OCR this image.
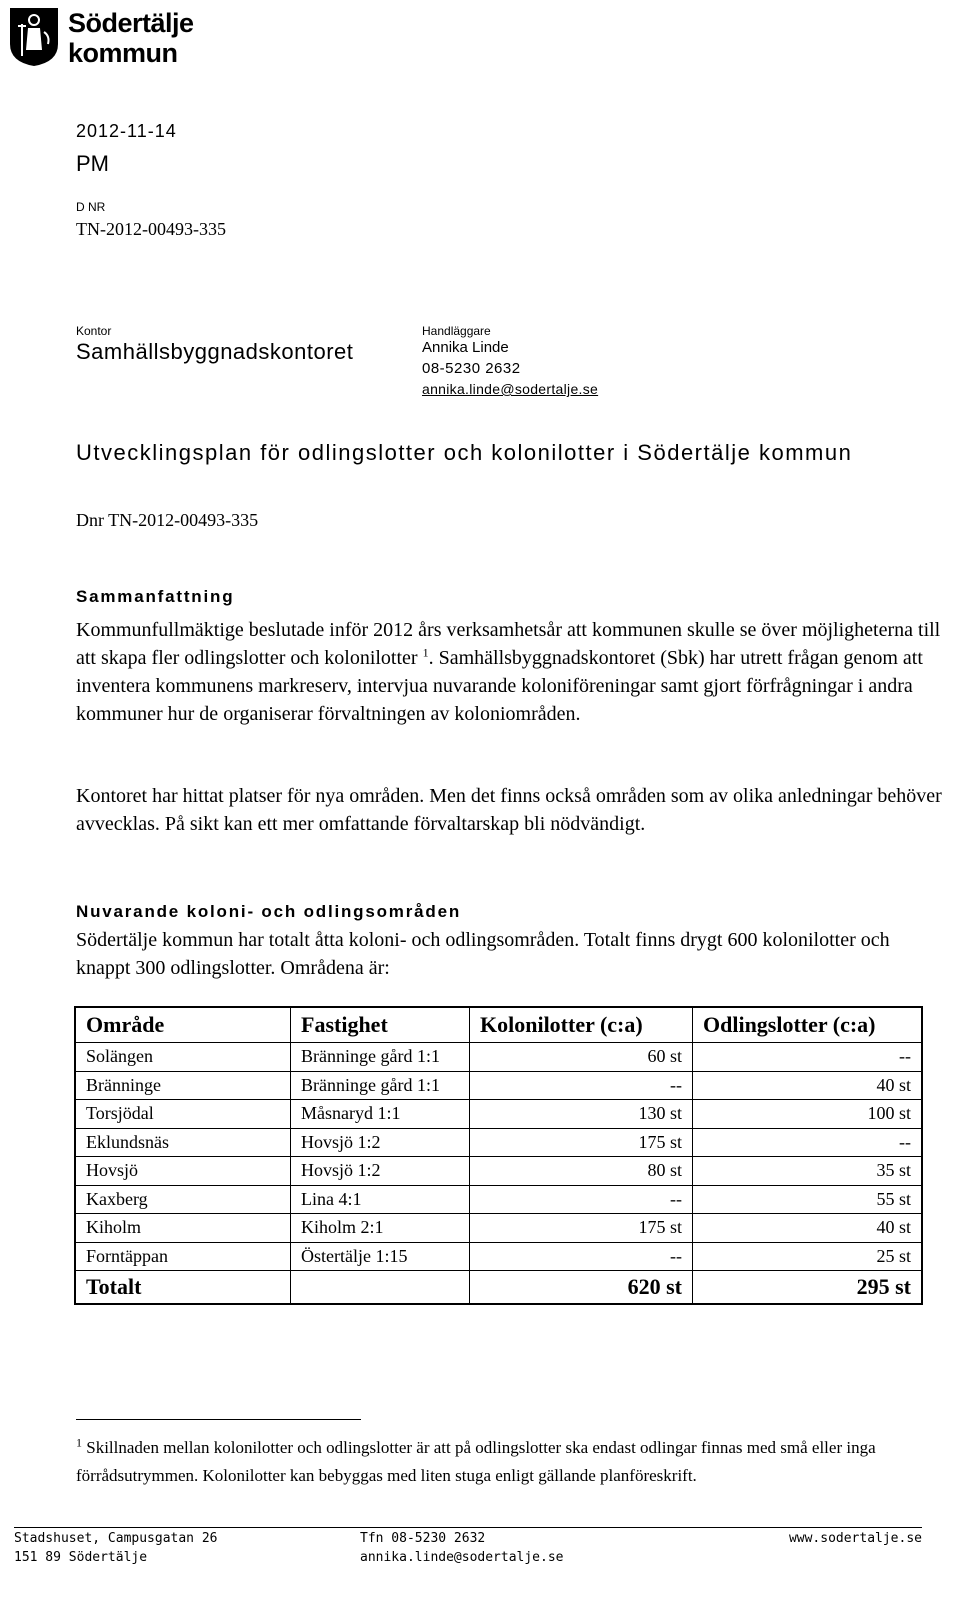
Södertälje
kommun
2012-11-14
PM
D NR
TN-2012-00493-335
Kontor
Samhällsbyggnadskontoret
Handläggare
Annika Linde
08-5230 2632
annika.linde@sodertalje.se
Utvecklingsplan för odlingslotter och kolonilotter i Södertälje kommun
Dnr TN-2012-00493-335
Sammanfattning
Kommunfullmäktige beslutade inför 2012 års verksamhetsår att kommunen skulle se över möjligheterna till att skapa fler odlingslotter och kolonilotter $^1$. Samhällsbyggnadskontoret (Sbk) har utrett frågan genom att inventera kommunens markreserv, intervjua nuvarande koloniföreningar samt gjort förfrågningar i andra kommuner hur de organiserar förvaltningen av koloniområden.
Kontoret har hittat platser för nya områden. Men det finns också områden som av olika anledningar behöver avvecklas. På sikt kan ett mer omfattande förvaltarskap bli nödvändigt.
Nuvarande koloni- och odlingsområden
Södertälje kommun har totalt åtta koloni- och odlingsområden. Totalt finns drygt 600 kolonilotter och knappt 300 odlingslotter. Områdena är:
Område	Fastighet	Kolonilotter (c:a)	Odlingslotter (c:a)
Solängen	Bränninge gård 1:1	60 st	--
Bränninge	Bränninge gård 1:1	--	40 st
Torsjödal	Måsnaryd 1:1	130 st	100 st
Eklundsnäs	Hovsjö 1:2	175 st	--
Hovsjö	Hovsjö 1:2	80 st	35 st
Kaxberg	Lina 4:1	--	55 st
Kiholm	Kiholm 2:1	175 st	40 st
Forntäppan	Östertälje 1:15	--	25 st
Totalt		620 st	295 st
$^1$ Skillnaden mellan kolonilotter och odlingslotter är att på odlingslotter ska endast odlingar finnas med små eller inga förrådsutrymmen. Kolonilotter kan bebyggas med liten stuga enligt gällande planföreskrift.
Stadshuset, Campusgatan 26
151 89 Södertälje
Tfn 08-5230 2632
annika.linde@sodertalje.se
www.sodertalje.se
